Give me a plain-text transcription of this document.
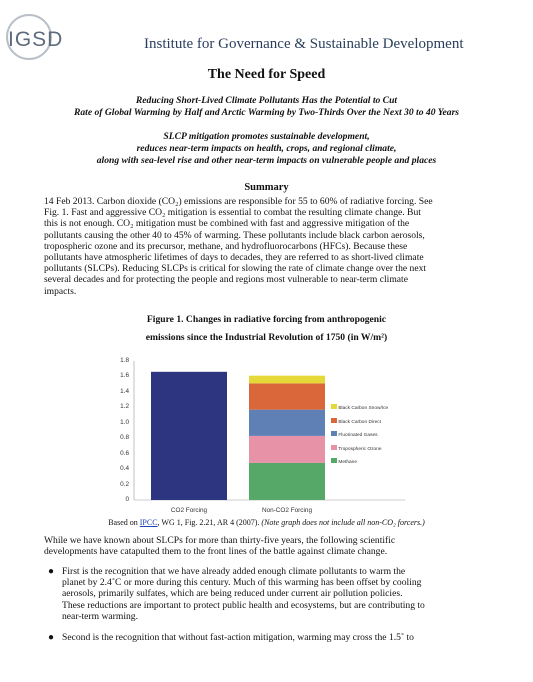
IGSD	Institute for Governance & Sustainable Development
The Need for Speed
Reducing Short-Lived Climate Pollutants Has the Potential to Cut
Rate of Global Warming by Half and Arctic Warming by Two-Thirds Over the Next 30 to 40 Years
SLCP mitigation promotes sustainable development,
reduces near-term impacts on health, crops, and regional climate,
along with sea-level rise and other near-term impacts on vulnerable people and places
Summary
14 Feb 2013. Carbon dioxide (CO₂) emissions are responsible for 55 to 60% of radiative forcing. See
Fig. 1. Fast and aggressive CO₂ mitigation is essential to combat the resulting climate change. But
this is not enough. CO₂ mitigation must be combined with fast and aggressive mitigation of the
pollutants causing the other 40 to 45% of warming. These pollutants include black carbon aerosols,
tropospheric ozone and its precursor, methane, and hydrofluorocarbons (HFCs). Because these
pollutants have atmospheric lifetimes of days to decades, they are referred to as short-lived climate
pollutants (SLCPs). Reducing SLCPs is critical for slowing the rate of climate change over the next
several decades and for protecting the people and regions most vulnerable to near-term climate
impacts.
Figure 1. Changes in radiative forcing from anthropogenic
emissions since the Industrial Revolution of 1750 (in W/m²)
1.8
1.6
1.4
1.2
1.0
0.8
0.6
0.4
0.2
0
CO2 Forcing	Non-CO2 Forcing
Black Carbon Snow/Ice
Black Carbon Direct
Fluorinated Gases
Tropospheric Ozone
Methane
Based on IPCC, WG 1, Fig. 2.21, AR 4 (2007). (Note graph does not include all non-CO₂ forcers.)
While we have known about SLCPs for more than thirty-five years, the following scientific
developments have catapulted them to the front lines of the battle against climate change.
● First is the recognition that we have already added enough climate pollutants to warm the
planet by 2.4˚C or more during this century. Much of this warming has been offset by cooling
aerosols, primarily sulfates, which are being reduced under current air pollution policies.
These reductions are important to protect public health and ecosystems, but are contributing to
near-term warming.
● Second is the recognition that without fast-action mitigation, warming may cross the 1.5˚ to
